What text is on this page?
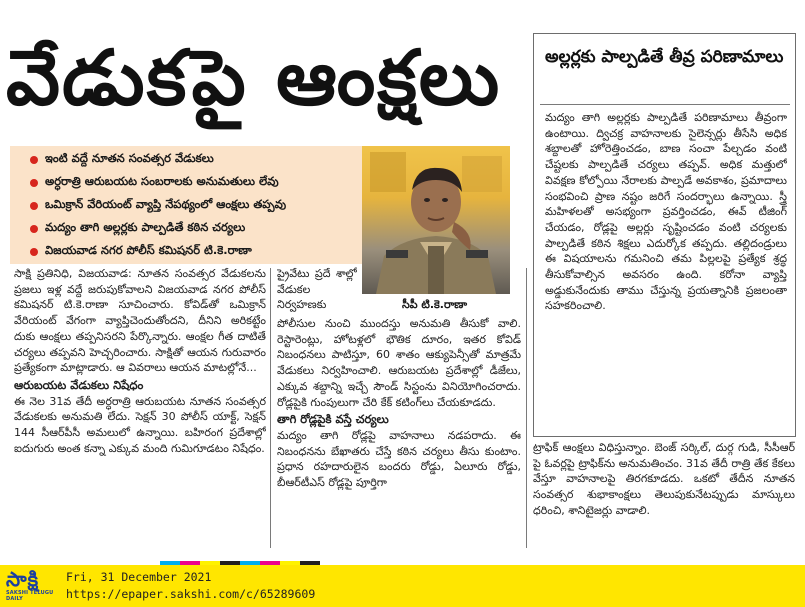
వేడుకపై ఆంక్షలు
ఇంటి వద్దే నూతన సంవత్సర వేడుకలు
అర్ధరాత్రి ఆరుబయట సంబరాలకు అనుమతులు లేవు
ఒమిక్రాన్ వేరియంట్ వ్యాప్తి నేపథ్యంలో ఆంక్షలు తప్పవు
మద్యం తాగి అల్లర్లకు పాల్పడితే కఠిన చర్యలు
విజయవాడ నగర పోలీస్ కమిషనర్ టి.కె.రాణా
సీపీ టి.కె.రాణా

సాక్షి ప్రతినిధి, విజయవాడ: నూతన సంవత్సర వేడుకలను ప్రజలు ఇళ్ల వద్దే జరుపుకోవాలని విజయవాడ నగర పోలీస్ కమిషనర్ టి.కె.రాణా సూచించారు. కోవిడ్‌తో ఒమిక్రాన్ వేరియంట్ వేగంగా వ్యాప్తిచెందుతోందని, దీనిని అరికట్టేం దుకు ఆంక్షలు తప్పనిసరని పేర్కొన్నారు. ఆంక్షల గీత దాటితే చర్యలు తప్పవని హెచ్చరించారు. సాక్షితో ఆయన గురువారం ప్రత్యేకంగా మాట్లాడారు. ఆ వివరాలు ఆయన మాటల్లోనే...

ఆరుబయట వేడుకలు నిషేధం

ఈ నెల 31వ తేదీ అర్ధరాత్రి ఆరుబయట నూతన సంవత్సర వేడుకలకు అనుమతి లేదు. సెక్షన్ 30 పోలీస్ యాక్ట్, సెక్షన్ 144 సీఆర్‌పీసీ అమలులో ఉన్నాయి. బహిరంగ ప్రదేశాల్లో ఐదుగురు అంత కన్నా ఎక్కువ మంది గుమిగూడటం నిషేధం.

ప్రైవేటు ప్రదే శాల్లో వేడుకల నిర్వహణకు

పోలీసుల నుంచి ముందస్తు అనుమతి తీసుకో వాలి. రెస్టారెంట్లు, హోటళ్లలో భౌతిక దూరం, ఇతర కోవిడ్ నిబంధనలు పాటిస్తూ, 60 శాతం ఆక్యుపెన్సీతో మాత్రమే వేడుకలు నిర్వహించాలి. ఆరుబయట ప్రదేశాల్లో డీజేలు, ఎక్కువ శబ్దాన్ని ఇచ్చే సౌండ్ సిస్టంను వినియోగించరాదు. రోడ్లపైకి గుంపులుగా చేరి కేక్ కటింగ్‌లు చేయకూడదు.

తాగి రోడ్లపైకి వస్తే చర్యలు

మద్యం తాగి రోడ్లపై వాహనాలు నడపరాదు. ఈ నిబంధనను బేఖాతరు చేస్తే కఠిన చర్యలు తీసు కుంటాం. ప్రధాన రహదారులైన బందరు రోడ్డు, ఏలూరు రోడ్డు, బీఆర్‌టీఎస్ రోడ్లపై పూర్తిగా

అల్లర్లకు పాల్పడితే తీవ్ర పరిణామాలు

మద్యం తాగి అల్లర్లకు పాల్పడితే పరిణామాలు తీవ్రంగా ఉంటాయి. ద్విచక్ర వాహనాలకు సైలెన్సర్లు తీసేసి అధిక శబ్దాలతో హోరెత్తించడం, బాణ సంచా పేల్చడం వంటి చేష్టలకు పాల్పడితే చర్యలు తప్పవ్. అధిక మత్తులో వివక్షణ కోల్పోయి నేరాలకు పాల్పడే అవకాశం, ప్రమాదాలు సంభవించి ప్రాణ నష్టం జరిగే సందర్భాలు ఉన్నాయి. స్త్రీ మహిళలతో అసభ్యంగా ప్రవర్తించడం, ఈవ్ టీజింగ్ చేయడం, రోడ్లపై అల్లర్లు సృష్టించడం వంటి చర్యలకు పాల్పడితే కఠిన శిక్షలు ఎదుర్కోక తప్పదు. తల్లిదండ్రులు ఈ విషయాలను గమనించి తమ పిల్లలపై ప్రత్యేక శ్రద్ధ తీసుకోవాల్సిన అవసరం ఉంది. కరోనా వ్యాప్తి అడ్డుకునేందుకు తాము చేస్తున్న ప్రయత్నానికి ప్రజలంతా సహకరించాలి.

ట్రాఫిక్ ఆంక్షలు విధిస్తున్నాం. బెంజ్ సర్కిల్, దుర్గ గుడి, సీసీఆర్ పై ఓవర్లపై ట్రాఫిక్‌ను అనుమతించం. 31వ తేదీ రాత్రి తేక కేకలు వేస్తూ వాహనాలపై తిరగకూడదు. ఒకటో తేదీన నూతన సంవత్సర శుభాకాంక్షలు తెలుపుకునేటప్పుడు మాస్కులు ధరించి, శానిటైజర్లు వాడాలి.

సాక్షి
SAKSHI TELUGU DAILY
Fri, 31 December 2021
https://epaper.sakshi.com/c/65289609
